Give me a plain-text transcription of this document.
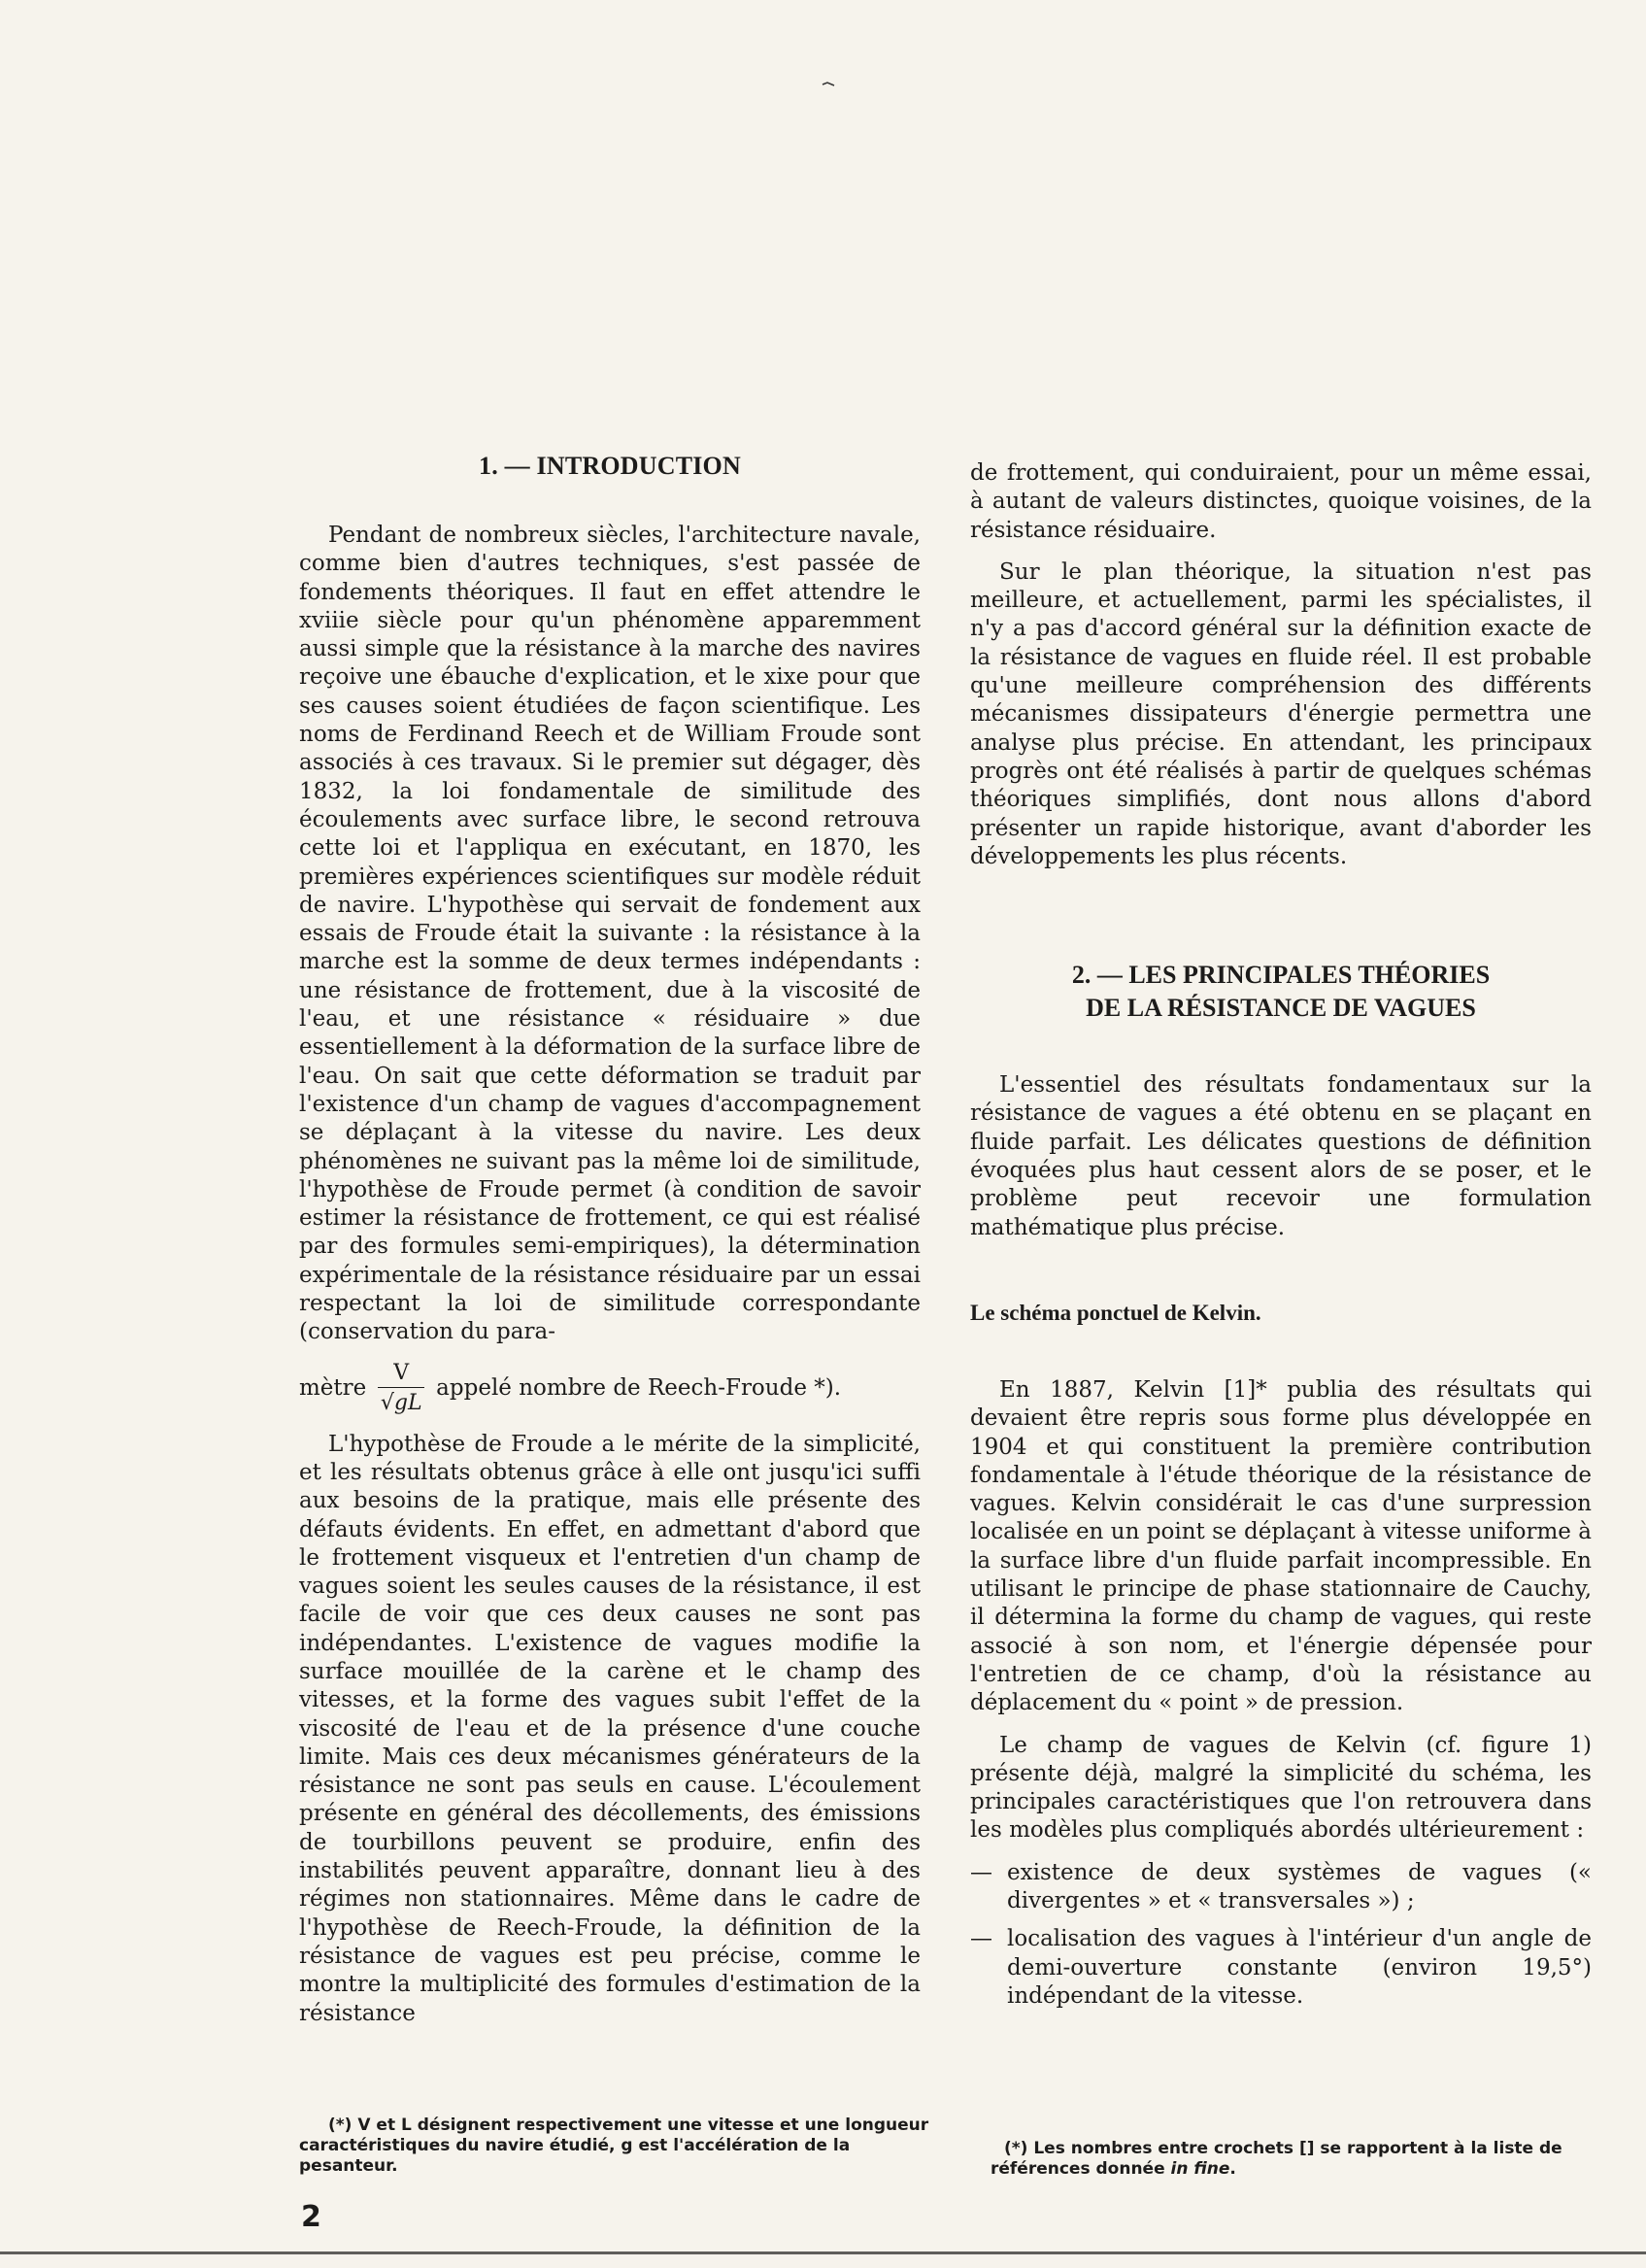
1. — INTRODUCTION

Pendant de nombreux siècles, l'architecture navale, comme bien d'autres techniques, s'est passée de fondements théoriques. Il faut en effet attendre le xviiie siècle pour qu'un phénomène apparemment aussi simple que la résistance à la marche des navires reçoive une ébauche d'explication, et le xixe pour que ses causes soient étudiées de façon scientifique. Les noms de Ferdinand Reech et de William Froude sont associés à ces travaux. Si le premier sut dégager, dès 1832, la loi fondamentale de similitude des écoulements avec surface libre, le second retrouva cette loi et l'appliqua en exécutant, en 1870, les premières expériences scientifiques sur modèle réduit de navire. L'hypothèse qui servait de fondement aux essais de Froude était la suivante : la résistance à la marche est la somme de deux termes indépendants : une résistance de frottement, due à la viscosité de l'eau, et une résistance « résiduaire » due essentiellement à la déformation de la surface libre de l'eau. On sait que cette déformation se traduit par l'existence d'un champ de vagues d'accompagnement se déplaçant à la vitesse du navire. Les deux phénomènes ne suivant pas la même loi de similitude, l'hypothèse de Froude permet (à condition de savoir estimer la résistance de frottement, ce qui est réalisé par des formules semi-empiriques), la détermination expérimentale de la résistance résiduaire par un essai respectant la loi de similitude correspondante (conservation du para-

mètre $\frac{V}{√gL}$ appelé nombre de Reech-Froude *).

L'hypothèse de Froude a le mérite de la simplicité, et les résultats obtenus grâce à elle ont jusqu'ici suffi aux besoins de la pratique, mais elle présente des défauts évidents. En effet, en admettant d'abord que le frottement visqueux et l'entretien d'un champ de vagues soient les seules causes de la résistance, il est facile de voir que ces deux causes ne sont pas indépendantes. L'existence de vagues modifie la surface mouillée de la carène et le champ des vitesses, et la forme des vagues subit l'effet de la viscosité de l'eau et de la présence d'une couche limite. Mais ces deux mécanismes générateurs de la résistance ne sont pas seuls en cause. L'écoulement présente en général des décollements, des émissions de tourbillons peuvent se produire, enfin des instabilités peuvent apparaître, donnant lieu à des régimes non stationnaires. Même dans le cadre de l'hypothèse de Reech-Froude, la définition de la résistance de vagues est peu précise, comme le montre la multiplicité des formules d'estimation de la résistance

de frottement, qui conduiraient, pour un même essai, à autant de valeurs distinctes, quoique voisines, de la résistance résiduaire.

Sur le plan théorique, la situation n'est pas meilleure, et actuellement, parmi les spécialistes, il n'y a pas d'accord général sur la définition exacte de la résistance de vagues en fluide réel. Il est probable qu'une meilleure compréhension des différents mécanismes dissipateurs d'énergie permettra une analyse plus précise. En attendant, les principaux progrès ont été réalisés à partir de quelques schémas théoriques simplifiés, dont nous allons d'abord présenter un rapide historique, avant d'aborder les développements les plus récents.

2. — LES PRINCIPALES THÉORIES
DE LA RÉSISTANCE DE VAGUES

L'essentiel des résultats fondamentaux sur la résistance de vagues a été obtenu en se plaçant en fluide parfait. Les délicates questions de définition évoquées plus haut cessent alors de se poser, et le problème peut recevoir une formulation mathématique plus précise.

Le schéma ponctuel de Kelvin.

En 1887, Kelvin [1]* publia des résultats qui devaient être repris sous forme plus développée en 1904 et qui constituent la première contribution fondamentale à l'étude théorique de la résistance de vagues. Kelvin considérait le cas d'une surpression localisée en un point se déplaçant à vitesse uniforme à la surface libre d'un fluide parfait incompressible. En utilisant le principe de phase stationnaire de Cauchy, il détermina la forme du champ de vagues, qui reste associé à son nom, et l'énergie dépensée pour l'entretien de ce champ, d'où la résistance au déplacement du « point » de pression.

Le champ de vagues de Kelvin (cf. figure 1) présente déjà, malgré la simplicité du schéma, les principales caractéristiques que l'on retrouvera dans les modèles plus compliqués abordés ultérieurement :

— existence de deux systèmes de vagues (« divergentes » et « transversales ») ;
— localisation des vagues à l'intérieur d'un angle de demi-ouverture constante (environ 19,5°) indépendant de la vitesse.
(*) V et L désignent respectivement une vitesse et une longueur caractéristiques du navire étudié, g est l'accélération de la pesanteur.
(*) Les nombres entre crochets [] se rapportent à la liste de références donnée in fine.
2
